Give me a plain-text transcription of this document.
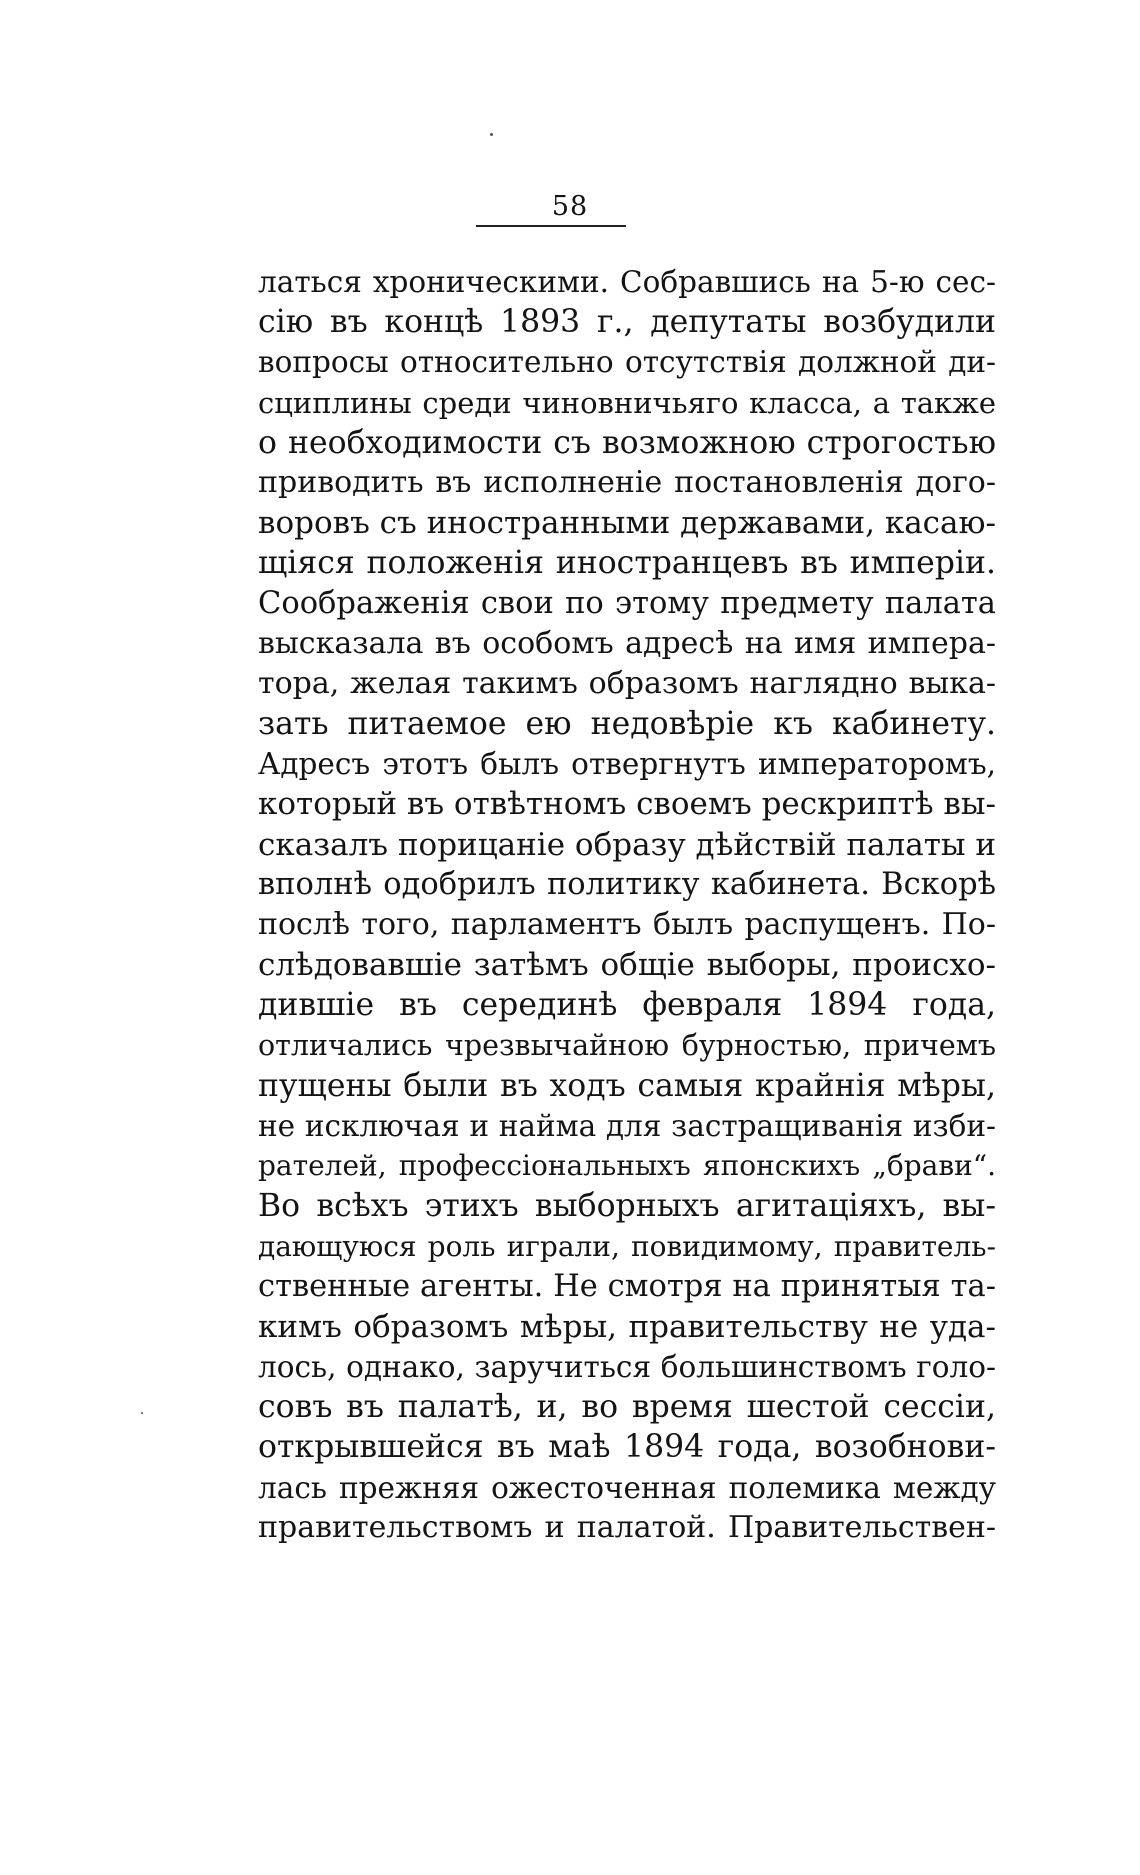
58
латься хроническими. Собравшись на 5-ю сес-
сію въ концѣ 1893 г., депутаты возбудили
вопросы относительно отсутствія должной ди-
сциплины среди чиновничьяго класса, а также
о необходимости съ возможною строгостью
приводить въ исполненіе постановленія дого-
воровъ съ иностранными державами, касаю-
щіяся положенія иностранцевъ въ имперіи.
Соображенія свои по этому предмету палата
высказала въ особомъ адресѣ на имя импера-
тора, желая такимъ образомъ наглядно выка-
зать питаемое ею недовѣріе къ кабинету.
Адресъ этотъ былъ отвергнутъ императоромъ,
который въ отвѣтномъ своемъ рескриптѣ вы-
сказалъ порицаніе образу дѣйствій палаты и
вполнѣ одобрилъ политику кабинета. Вскорѣ
послѣ того, парламентъ былъ распущенъ. По-
слѣдовавшіе затѣмъ общіе выборы, происхо-
дившіе въ серединѣ февраля 1894 года,
отличались чрезвычайною бурностью, причемъ
пущены были въ ходъ самыя крайнія мѣры,
не исключая и найма для застращиванія изби-
рателей, профессіональныхъ японскихъ „брави“.
Во всѣхъ этихъ выборныхъ агитаціяхъ, вы-
дающуюся роль играли, повидимому, правитель-
ственные агенты. Не смотря на принятыя та-
кимъ образомъ мѣры, правительству не уда-
лось, однако, заручиться большинствомъ голо-
совъ въ палатѣ, и, во время шестой сессіи,
открывшейся въ маѣ 1894 года, возобнови-
лась прежняя ожесточенная полемика между
правительствомъ и палатой. Правительствен-
